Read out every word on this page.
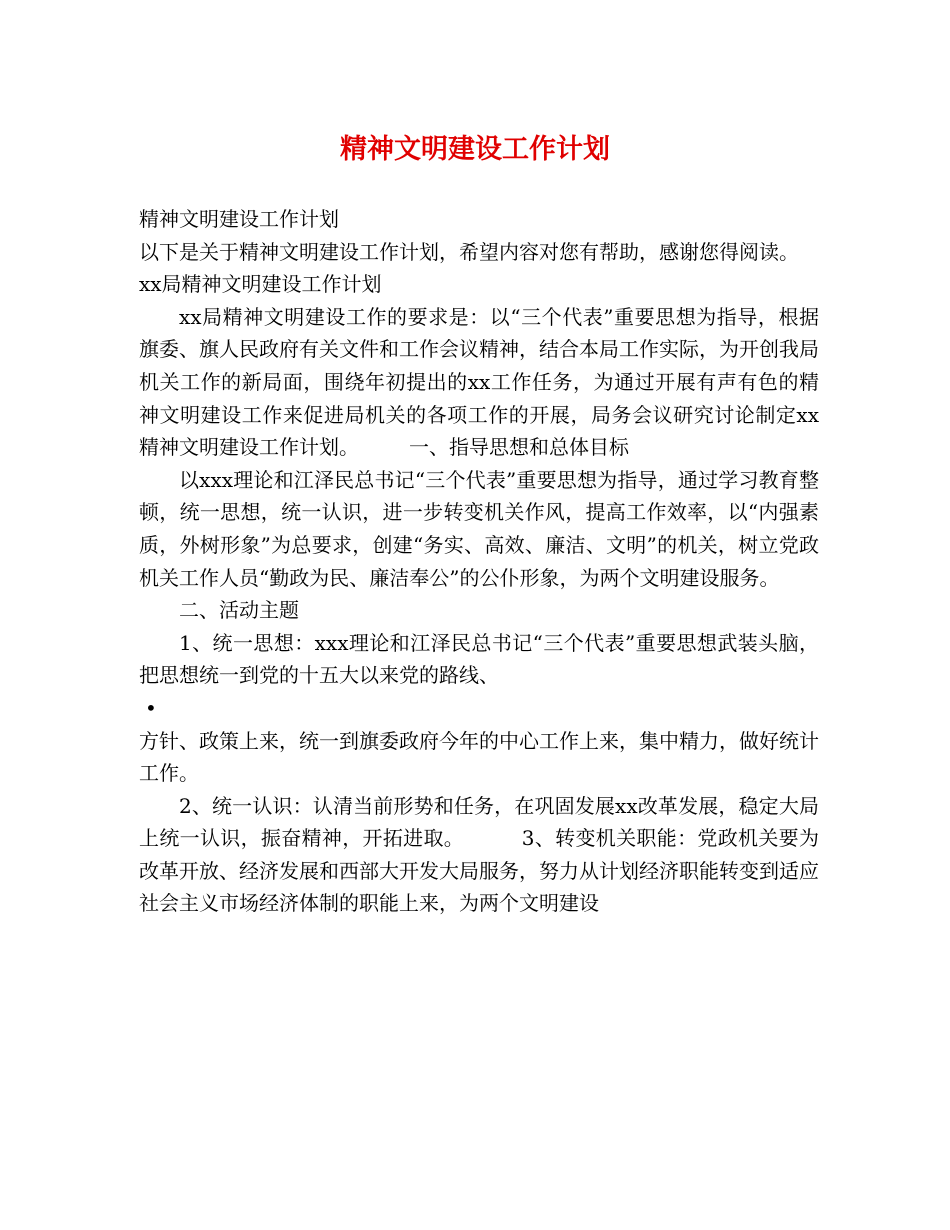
精神文明建设工作计划

精神文明建设工作计划

以下是关于精神文明建设工作计划，希望内容对您有帮助，感谢您得阅读。

xx局精神文明建设工作计划

xx局精神文明建设工作的要求是：以“三个代表”重要思想为指导，根据旗委、旗人民政府有关文件和工作会议精神，结合本局工作实际，为开创我局机关工作的新局面，围绕年初提出的xx工作任务，为通过开展有声有色的精神文明建设工作来促进局机关的各项工作的开展，局务会议研究讨论制定xx精神文明建设工作计划。　　　一、指导思想和总体目标

以xxx理论和江泽民总书记“三个代表”重要思想为指导，通过学习教育整顿，统一思想，统一认识，进一步转变机关作风，提高工作效率，以“内强素质，外树形象”为总要求，创建“务实、高效、廉洁、文明”的机关，树立党政机关工作人员“勤政为民、廉洁奉公”的公仆形象，为两个文明建设服务。

二、活动主题

1、统一思想：xxx理论和江泽民总书记“三个代表”重要思想武装头脑，把思想统一到党的十五大以来党的路线、

•

方针、政策上来，统一到旗委政府今年的中心工作上来，集中精力，做好统计工作。

2、统一认识：认清当前形势和任务，在巩固发展xx改革发展，稳定大局上统一认识，振奋精神，开拓进取。　　　 3、转变机关职能：党政机关要为改革开放、经济发展和西部大开发大局服务，努力从计划经济职能转变到适应社会主义市场经济体制的职能上来，为两个文明建设
